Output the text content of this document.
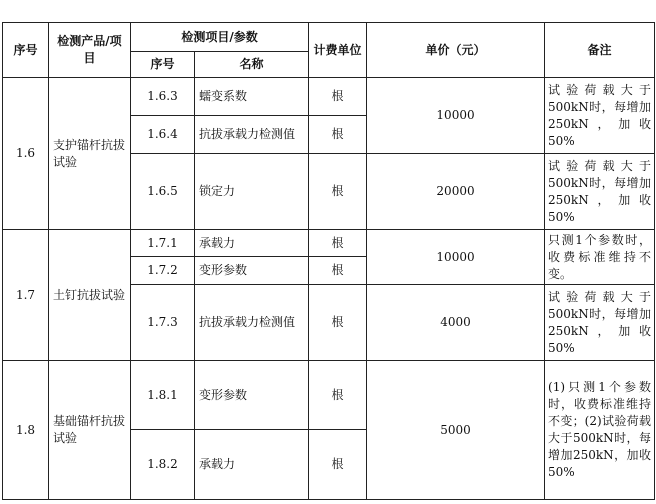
序号	检测产品/项目	检测项目/参数		计费单位	单价（元）	备注
		序号	名称			
1.6	支护锚杆抗拔试验	1.6.3	蠕变系数	根	10000	试验荷载大于500kN时，每增加250kN，加收50%
		1.6.4	抗拔承载力检测值	根		
		1.6.5	锁定力	根	20000	试验荷载大于500kN时，每增加250kN，加收50%
1.7	土钉抗拔试验	1.7.1	承载力	根	10000	只测1个参数时，收费标准维持不变。
		1.7.2	变形参数	根		
		1.7.3	抗拔承载力检测值	根	4000	试验荷载大于500kN时，每增加250kN，加收50%
1.8	基础锚杆抗拔试验	1.8.1	变形参数	根	5000	(1)只测1个参数时，收费标准维持不变；(2)试验荷载大于500kN时，每增加250kN，加收50%
		1.8.2	承载力	根		
